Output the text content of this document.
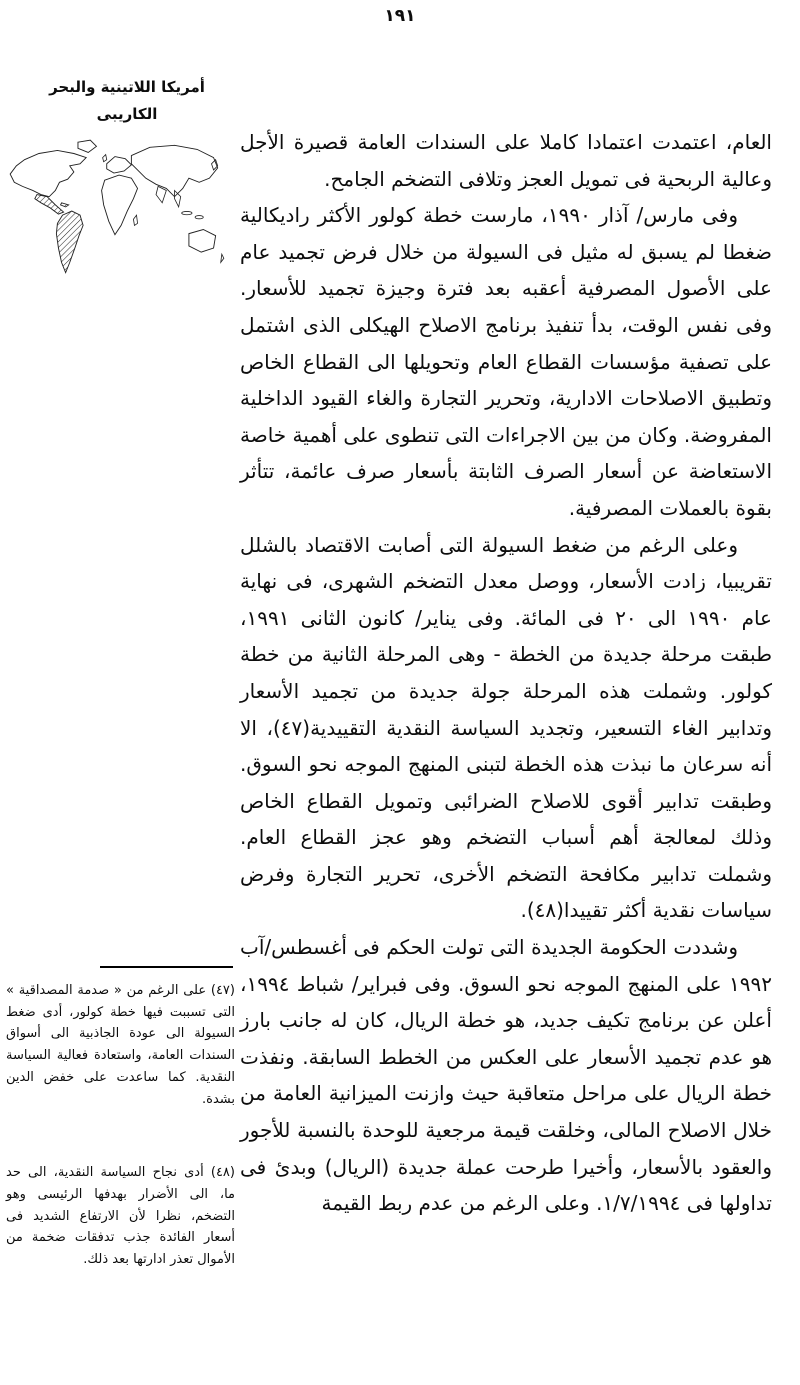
١٩١
أمريكا اللاتينية والبحر
الكاريبى

العام، اعتمدت اعتمادا كاملا على السندات العامة قصيرة الأجل وعالية الربحية فى تمويل العجز وتلافى التضخم الجامح.

وفى مارس/ آذار ١٩٩٠، مارست خطة كولور الأكثر راديكالية ضغطا لم يسبق له مثيل فى السيولة من خلال فرض تجميد عام على الأصول المصرفية أعقبه بعد فترة وجيزة تجميد للأسعار. وفى نفس الوقت، بدأ تنفيذ برنامج الاصلاح الهيكلى الذى اشتمل على تصفية مؤسسات القطاع العام وتحويلها الى القطاع الخاص وتطبيق الاصلاحات الادارية، وتحرير التجارة والغاء القيود الداخلية المفروضة. وكان من بين الاجراءات التى تنطوى على أهمية خاصة الاستعاضة عن أسعار الصرف الثابتة بأسعار صرف عائمة، تتأثر بقوة بالعملات المصرفية.

وعلى الرغم من ضغط السيولة التى أصابت الاقتصاد بالشلل تقريبيا، زادت الأسعار، ووصل معدل التضخم الشهرى، فى نهاية عام ١٩٩٠ الى ٢٠ فى المائة. وفى يناير/ كانون الثانى ١٩٩١، طبقت مرحلة جديدة من الخطة - وهى المرحلة الثانية من خطة كولور. وشملت هذه المرحلة جولة جديدة من تجميد الأسعار وتدابير الغاء التسعير، وتجديد السياسة النقدية التقييدية(٤٧)، الا أنه سرعان ما نبذت هذه الخطة لتبنى المنهج الموجه نحو السوق. وطبقت تدابير أقوى للاصلاح الضرائبى وتمويل القطاع الخاص وذلك لمعالجة أهم أسباب التضخم وهو عجز القطاع العام. وشملت تدابير مكافحة التضخم الأخرى، تحرير التجارة وفرض سياسات نقدية أكثر تقييدا(٤٨).

وشددت الحكومة الجديدة التى تولت الحكم فى أغسطس/آب ١٩٩٢ على المنهج الموجه نحو السوق. وفى فبراير/ شباط ١٩٩٤، أعلن عن برنامج تكيف جديد، هو خطة الريال، كان له جانب بارز هو عدم تجميد الأسعار على العكس من الخطط السابقة. ونفذت خطة الريال على مراحل متعاقبة حيث وازنت الميزانية العامة من خلال الاصلاح المالى، وخلقت قيمة مرجعية للوحدة بالنسبة للأجور والعقود بالأسعار، وأخيرا طرحت عملة جديدة (الريال) وبدئ فى تداولها فى ١/٧/١٩٩٤. وعلى الرغم من عدم ربط القيمة

(٤٧) على الرغم من « صدمة المصداقية » التى تسببت فيها خطة كولور، أدى ضغط السيولة الى عودة الجاذبية الى أسواق السندات العامة، واستعادة فعالية السياسة النقدية. كما ساعدت على خفض الدين بشدة.

(٤٨) أدى نجاح السياسة النقدية، الى حد ما، الى الأضرار بهدفها الرئيسى وهو التضخم، نظرا لأن الارتفاع الشديد فى أسعار الفائدة جذب تدفقات ضخمة من الأموال تعذر ادارتها بعد ذلك.
